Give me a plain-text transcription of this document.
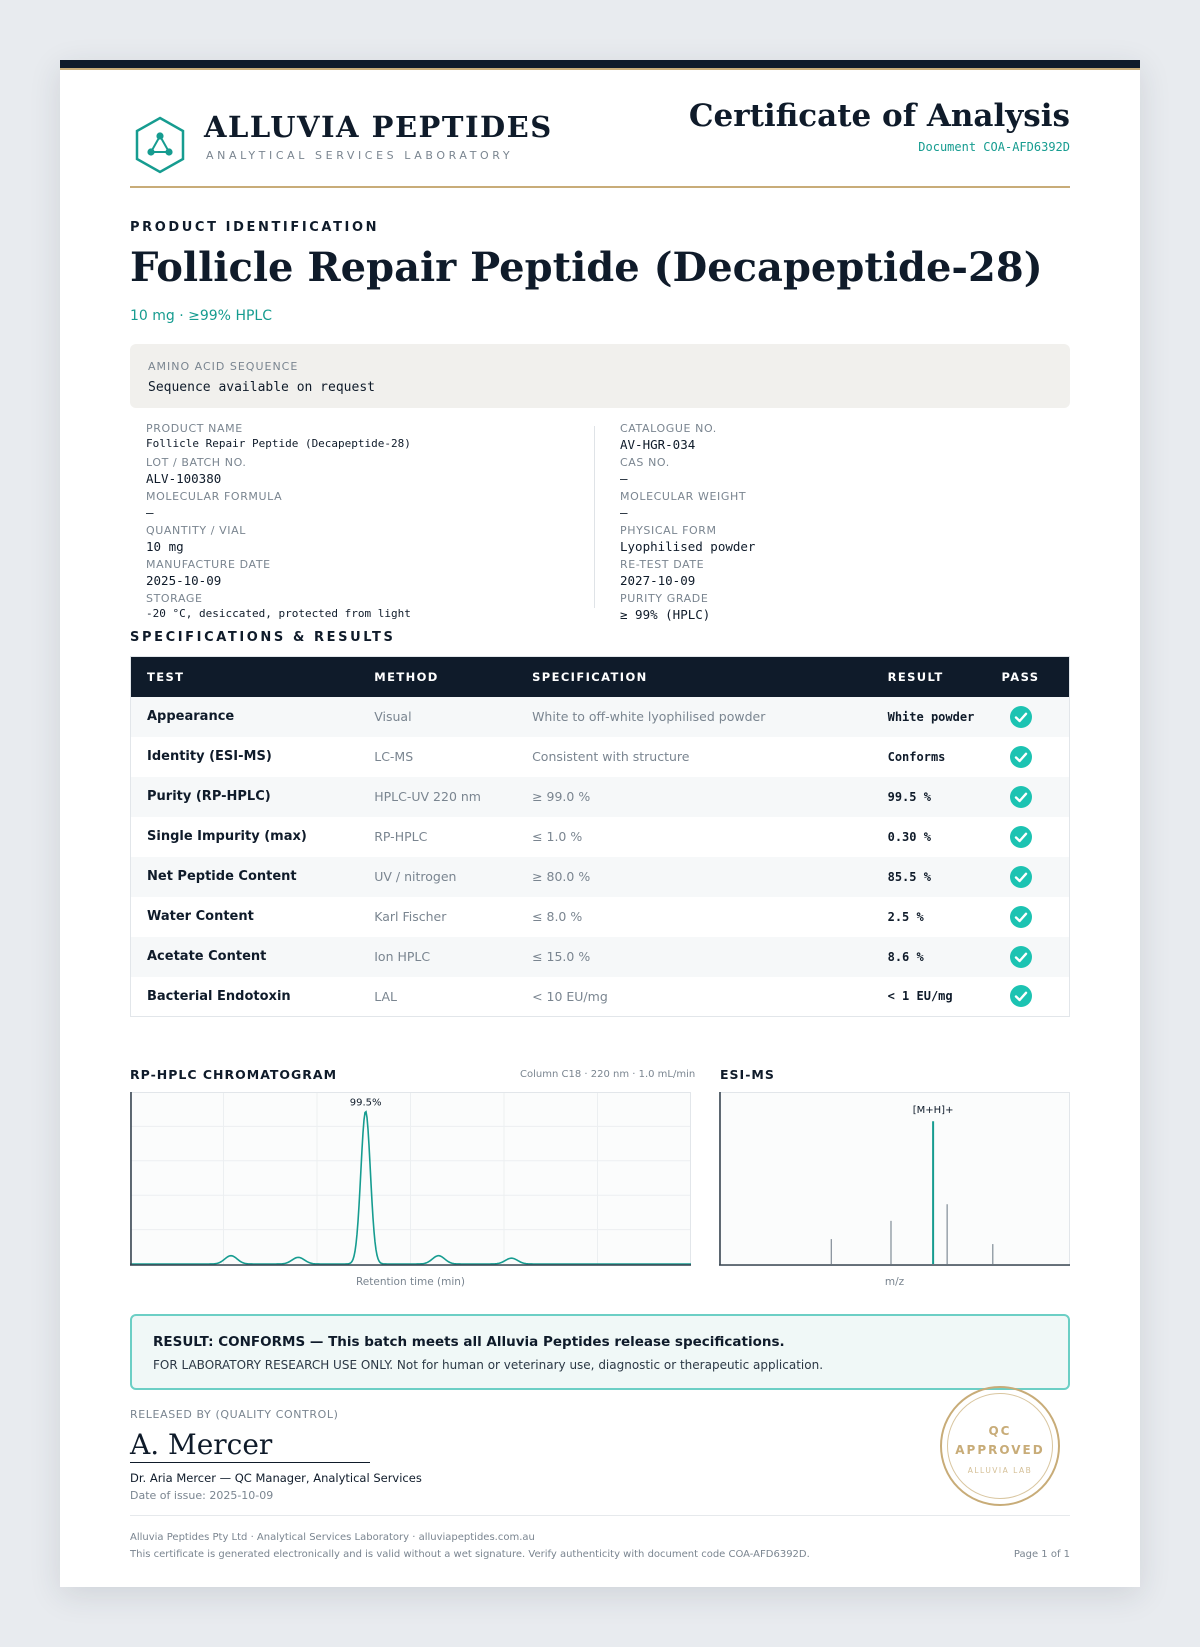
ALLUVIA PEPTIDES
ANALYTICAL SERVICES LABORATORY
Certificate of Analysis
Document COA-AFD6392D
PRODUCT IDENTIFICATION
Follicle Repair Peptide (Decapeptide-28)
10 mg · ≥99% HPLC
AMINO ACID SEQUENCE
Sequence available on request
PRODUCT NAME
Follicle Repair Peptide (Decapeptide-28)
LOT / BATCH NO.
ALV-100380
MOLECULAR FORMULA
—
QUANTITY / VIAL
10 mg
MANUFACTURE DATE
2025-10-09
STORAGE
-20 °C, desiccated, protected from light
CATALOGUE NO.
AV-HGR-034
CAS NO.
—
MOLECULAR WEIGHT
—
PHYSICAL FORM
Lyophilised powder
RE-TEST DATE
2027-10-09
PURITY GRADE
≥ 99% (HPLC)
SPECIFICATIONS & RESULTS
TEST	METHOD	SPECIFICATION	RESULT	PASS
Appearance	Visual	White to off-white lyophilised powder	White powder	

Identity (ESI-MS)	LC-MS	Consistent with structure	Conforms	

Purity (RP-HPLC)	HPLC-UV 220 nm	≥ 99.0 %	99.5 %	

Single Impurity (max)	RP-HPLC	≤ 1.0 %	0.30 %	

Net Peptide Content	UV / nitrogen	≥ 80.0 %	85.5 %	

Water Content	Karl Fischer	≤ 8.0 %	2.5 %	

Acetate Content	Ion HPLC	≤ 15.0 %	8.6 %	

Bacterial Endotoxin	LAL	< 10 EU/mg	< 1 EU/mg	
RP-HPLC CHROMATOGRAM	Column C18 · 220 nm · 1.0 mL/min
99.5%
Retention time (min)
ESI-MS
[M+H]+
m/z
RESULT: CONFORMS — This batch meets all Alluvia Peptides release specifications.
FOR LABORATORY RESEARCH USE ONLY. Not for human or veterinary use, diagnostic or therapeutic application.
RELEASED BY (QUALITY CONTROL)
A. Mercer
Dr. Aria Mercer — QC Manager, Analytical Services
Date of issue: 2025-10-09
QC
APPROVED
ALLUVIA LAB
Alluvia Peptides Pty Ltd · Analytical Services Laboratory · alluviapeptides.com.au
This certificate is generated electronically and is valid without a wet signature. Verify authenticity with document code COA-AFD6392D.	Page 1 of 1
